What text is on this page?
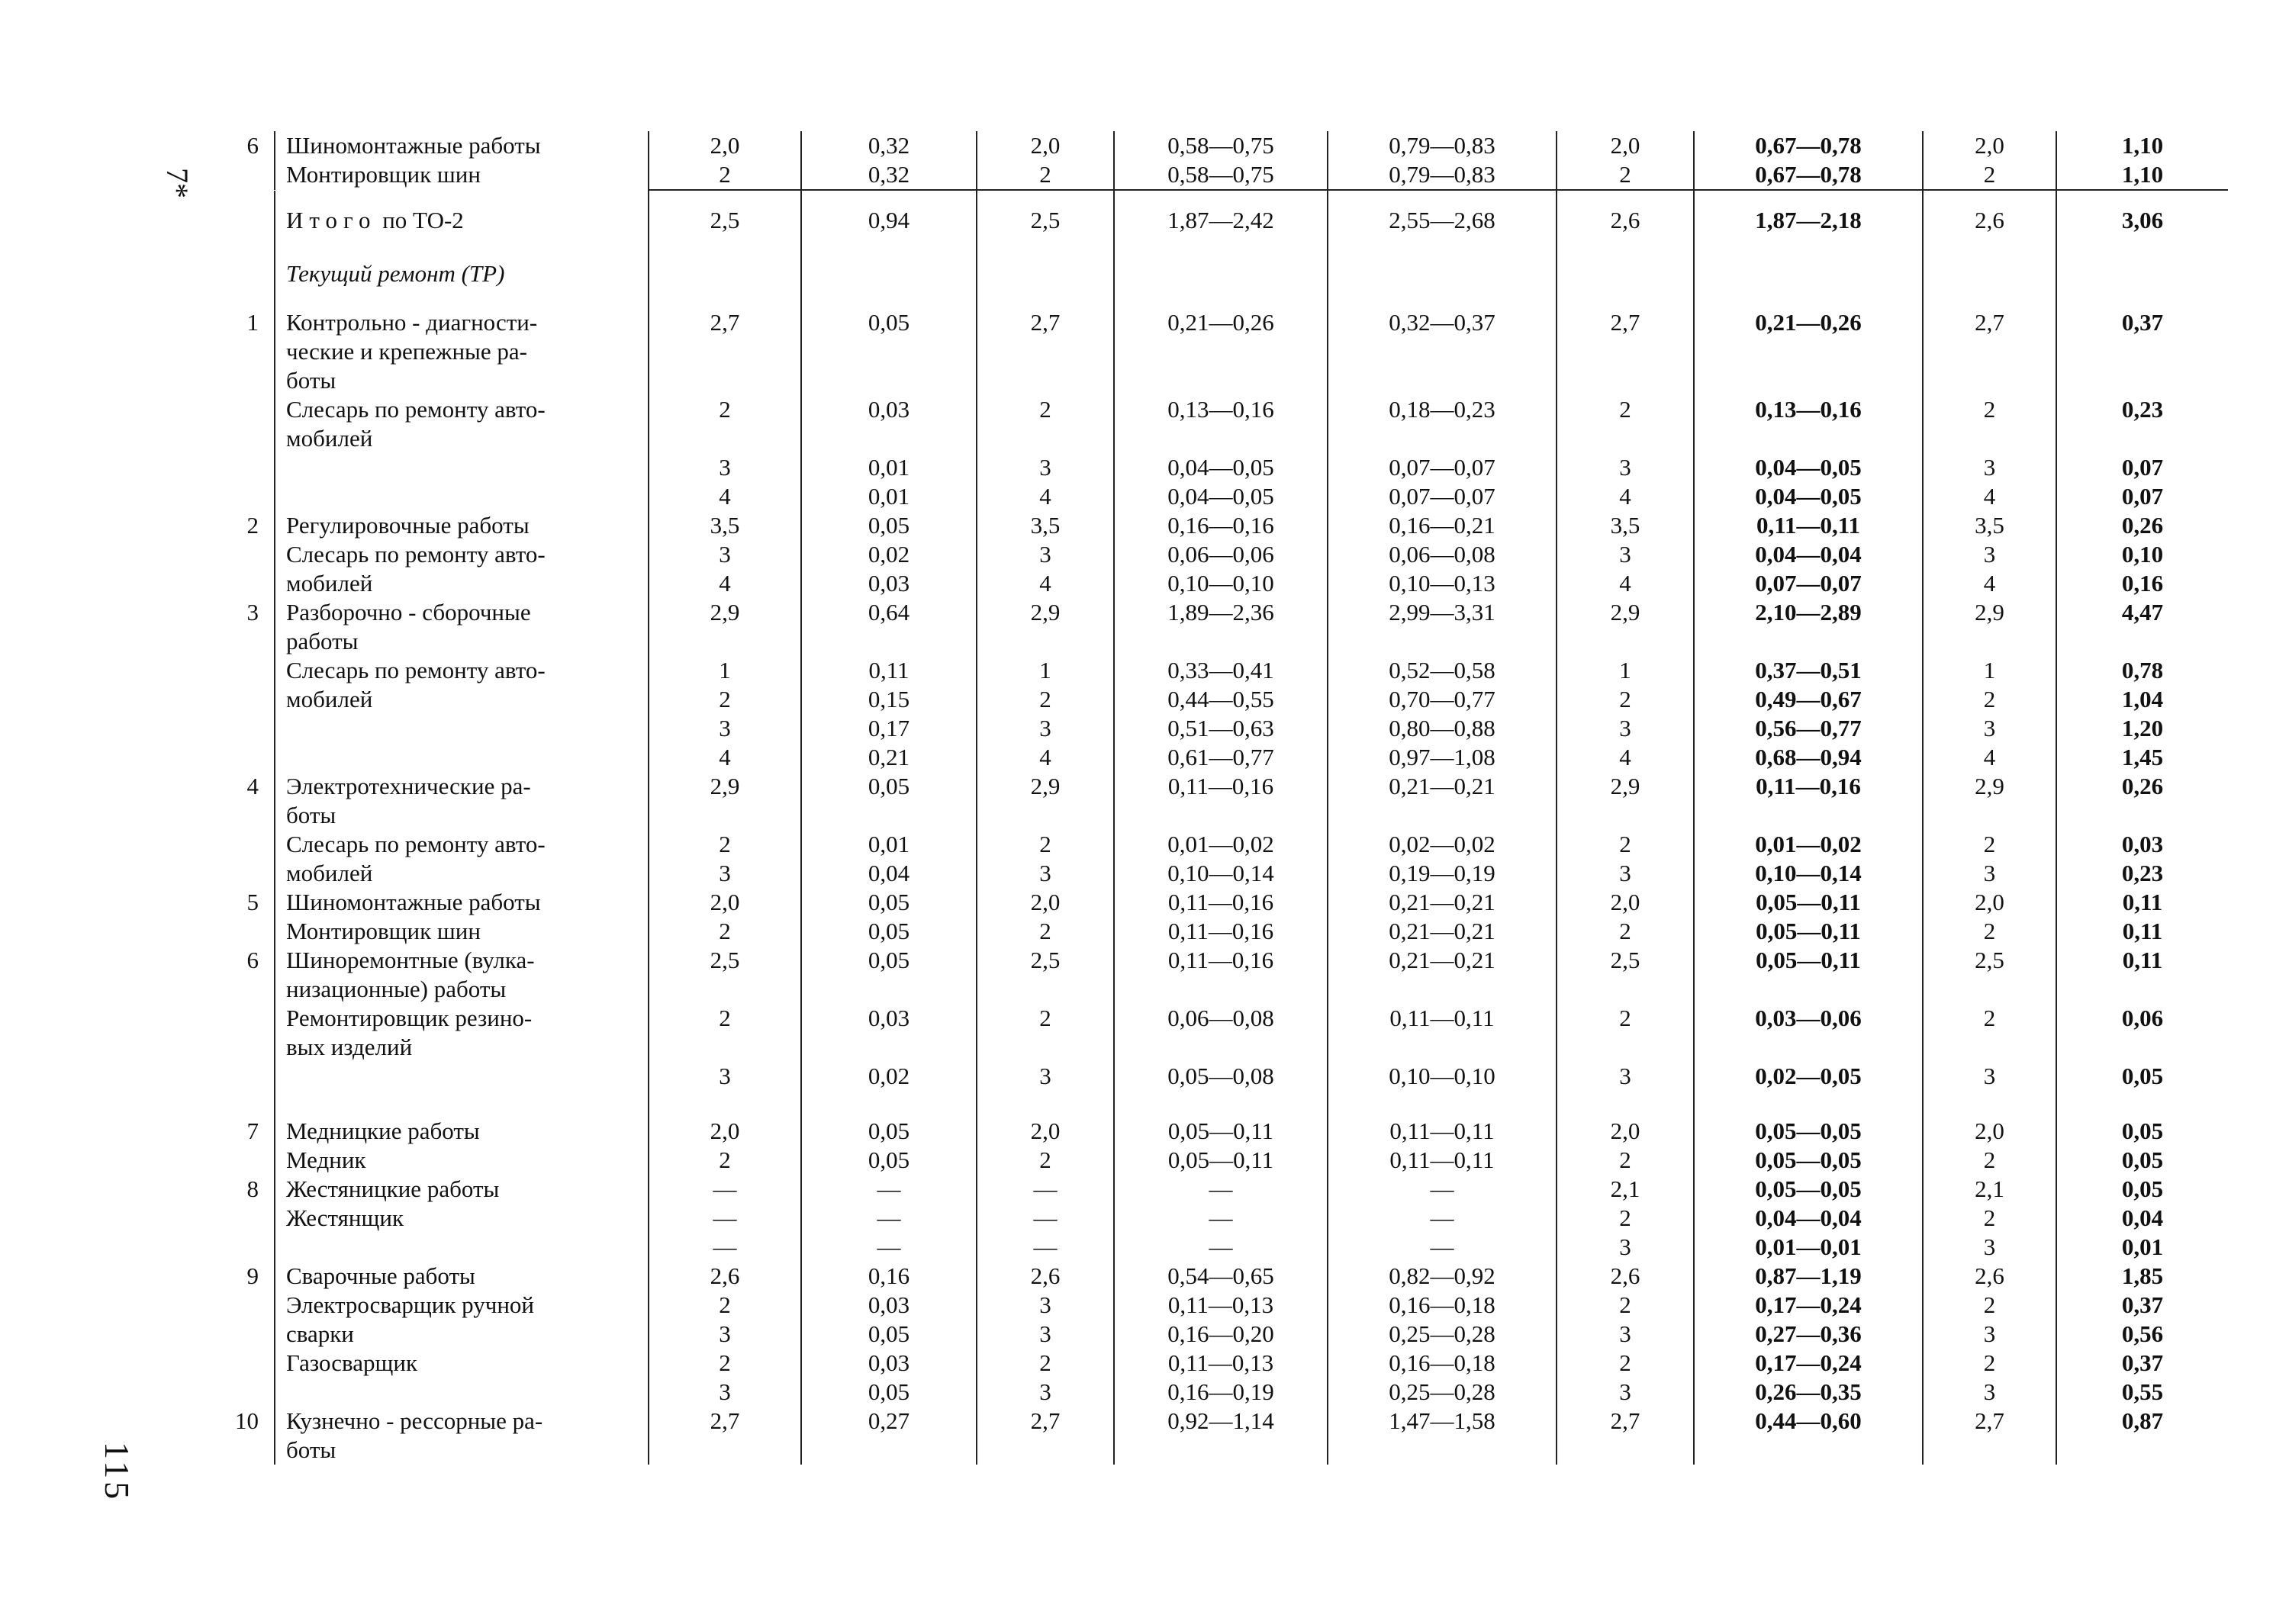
7*
115
6	Шиномонтажные работы	2,0	0,32	2,0	0,58—0,75	0,79—0,83	2,0	0,67—0,78	2,0	1,10
	Монтировщик шин	2	0,32	2	0,58—0,75	0,79—0,83	2	0,67—0,78	2	1,10

	Итого по ТО-2	2,5	0,94	2,5	1,87—2,42	2,55—2,68	2,6	1,87—2,18	2,6	3,06
	Текущий ремонт (ТР)									
1	Контрольно - диагности-	2,7	0,05	2,7	0,21—0,26	0,32—0,37	2,7	0,21—0,26	2,7	0,37
	ческие и крепежные ра-									
	боты									
	Слесарь по ремонту авто-	2	0,03	2	0,13—0,16	0,18—0,23	2	0,13—0,16	2	0,23
	мобилей									
		3	0,01	3	0,04—0,05	0,07—0,07	3	0,04—0,05	3	0,07
		4	0,01	4	0,04—0,05	0,07—0,07	4	0,04—0,05	4	0,07
2	Регулировочные работы	3,5	0,05	3,5	0,16—0,16	0,16—0,21	3,5	0,11—0,11	3,5	0,26
	Слесарь по ремонту авто-	3	0,02	3	0,06—0,06	0,06—0,08	3	0,04—0,04	3	0,10
	мобилей	4	0,03	4	0,10—0,10	0,10—0,13	4	0,07—0,07	4	0,16
3	Разборочно - сборочные	2,9	0,64	2,9	1,89—2,36	2,99—3,31	2,9	2,10—2,89	2,9	4,47
	работы									
	Слесарь по ремонту авто-	1	0,11	1	0,33—0,41	0,52—0,58	1	0,37—0,51	1	0,78
	мобилей	2	0,15	2	0,44—0,55	0,70—0,77	2	0,49—0,67	2	1,04
		3	0,17	3	0,51—0,63	0,80—0,88	3	0,56—0,77	3	1,20
		4	0,21	4	0,61—0,77	0,97—1,08	4	0,68—0,94	4	1,45
4	Электротехнические ра-	2,9	0,05	2,9	0,11—0,16	0,21—0,21	2,9	0,11—0,16	2,9	0,26
	боты									
	Слесарь по ремонту авто-	2	0,01	2	0,01—0,02	0,02—0,02	2	0,01—0,02	2	0,03
	мобилей	3	0,04	3	0,10—0,14	0,19—0,19	3	0,10—0,14	3	0,23
5	Шиномонтажные работы	2,0	0,05	2,0	0,11—0,16	0,21—0,21	2,0	0,05—0,11	2,0	0,11
	Монтировщик шин	2	0,05	2	0,11—0,16	0,21—0,21	2	0,05—0,11	2	0,11
6	Шиноремонтные (вулка-	2,5	0,05	2,5	0,11—0,16	0,21—0,21	2,5	0,05—0,11	2,5	0,11
	низационные) работы									
	Ремонтировщик резино-	2	0,03	2	0,06—0,08	0,11—0,11	2	0,03—0,06	2	0,06
	вых изделий									
		3	0,02	3	0,05—0,08	0,10—0,10	3	0,02—0,05	3	0,05

7	Медницкие работы	2,0	0,05	2,0	0,05—0,11	0,11—0,11	2,0	0,05—0,05	2,0	0,05
	Медник	2	0,05	2	0,05—0,11	0,11—0,11	2	0,05—0,05	2	0,05
8	Жестяницкие работы	—	—	—	—	—	2,1	0,05—0,05	2,1	0,05
	Жестянщик	—	—	—	—	—	2	0,04—0,04	2	0,04
		—	—	—	—	—	3	0,01—0,01	3	0,01
9	Сварочные работы	2,6	0,16	2,6	0,54—0,65	0,82—0,92	2,6	0,87—1,19	2,6	1,85
	Электросварщик ручной	2	0,03	3	0,11—0,13	0,16—0,18	2	0,17—0,24	2	0,37
	сварки	3	0,05	3	0,16—0,20	0,25—0,28	3	0,27—0,36	3	0,56
	Газосварщик	2	0,03	2	0,11—0,13	0,16—0,18	2	0,17—0,24	2	0,37
		3	0,05	3	0,16—0,19	0,25—0,28	3	0,26—0,35	3	0,55
10	Кузнечно - рессорные ра-	2,7	0,27	2,7	0,92—1,14	1,47—1,58	2,7	0,44—0,60	2,7	0,87
	боты									
